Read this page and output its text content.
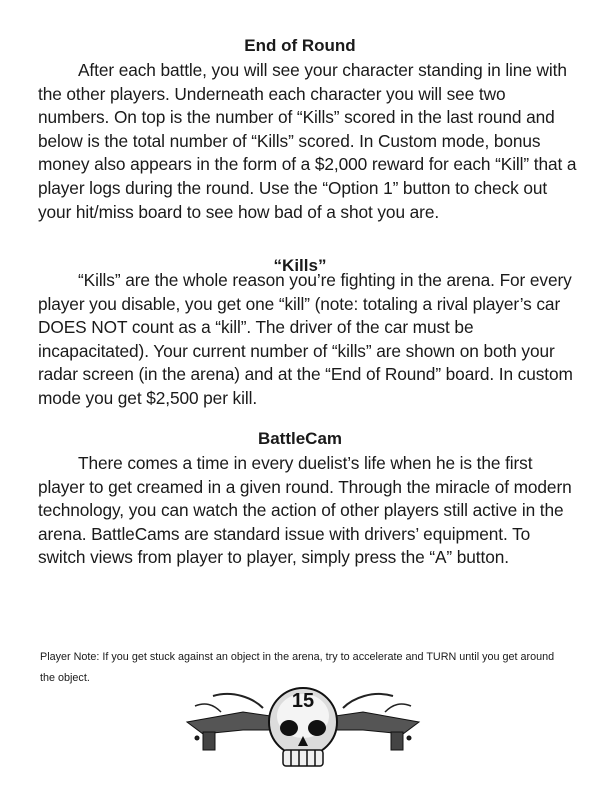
End of Round

After each battle, you will see your character standing in line with the other players. Underneath each character you will see two numbers. On top is the number of “Kills” scored in the last round and below is the total number of “Kills” scored. In Custom mode, bonus money also appears in the form of a $2,000 reward for each “Kill” that a player logs during the round. Use the “Option 1” button to check out your hit/miss board to see how bad of a shot you are.

“Kills”

“Kills” are the whole reason you’re fighting in the arena. For every player you disable, you get one “kill” (note: totaling a rival player’s car DOES NOT count as a “kill”. The driver of the car must be incapacitated). Your current number of “kills” are shown on both your radar screen (in the arena) and at the “End of Round” board. In custom mode you get $2,500 per kill.

BattleCam

There comes a time in every duelist’s life when he is the first player to get creamed in a given round. Through the miracle of modern technology, you can watch the action of other players still active in the arena. BattleCams are standard issue with drivers’ equipment. To switch views from player to player, simply press the “A” button.

Player Note: If you get stuck against an object in the arena, try to accelerate and TURN until you get around the object.

15
